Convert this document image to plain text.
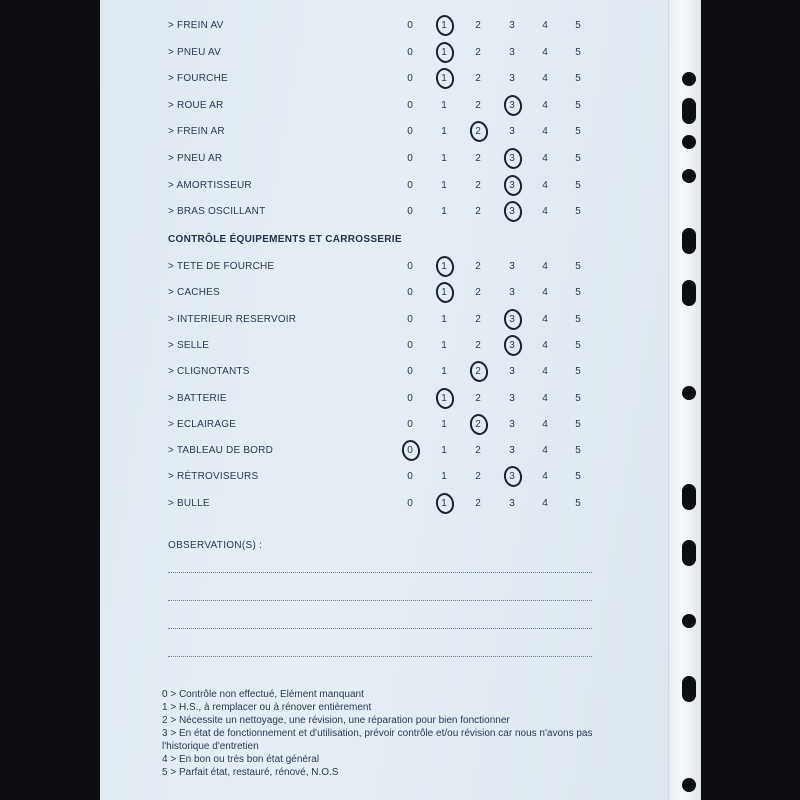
> FREIN AV	0	1	2	3	4	5
> PNEU AV	0	1	2	3	4	5
> FOURCHE	0	1	2	3	4	5
> ROUE AR	0	1	2	3	4	5
> FREIN AR	0	1	2	3	4	5
> PNEU AR	0	1	2	3	4	5
> AMORTISSEUR	0	1	2	3	4	5
> BRAS OSCILLANT	0	1	2	3	4	5
CONTRÔLE ÉQUIPEMENTS ET CARROSSERIE
> TETE DE FOURCHE	0	1	2	3	4	5
> CACHES	0	1	2	3	4	5
> INTERIEUR RESERVOIR	0	1	2	3	4	5
> SELLE	0	1	2	3	4	5
> CLIGNOTANTS	0	1	2	3	4	5
> BATTERIE	0	1	2	3	4	5
> ECLAIRAGE	0	1	2	3	4	5
> TABLEAU DE BORD	0	1	2	3	4	5
> RÉTROVISEURS	0	1	2	3	4	5
> BULLE	0	1	2	3	4	5
OBSERVATION(S) :
0 > Contrôle non effectué, Elément manquant
1 > H.S., à remplacer ou à rénover entièrement
2 > Nécessite un nettoyage, une révision, une réparation pour bien fonctionner
3 > En état de fonctionnement et d'utilisation, prévoir contrôle et/ou révision car nous n'avons pas l'historique d'entretien
4 > En bon ou très bon état général
5 > Parfait état, restauré, rénové, N.O.S
